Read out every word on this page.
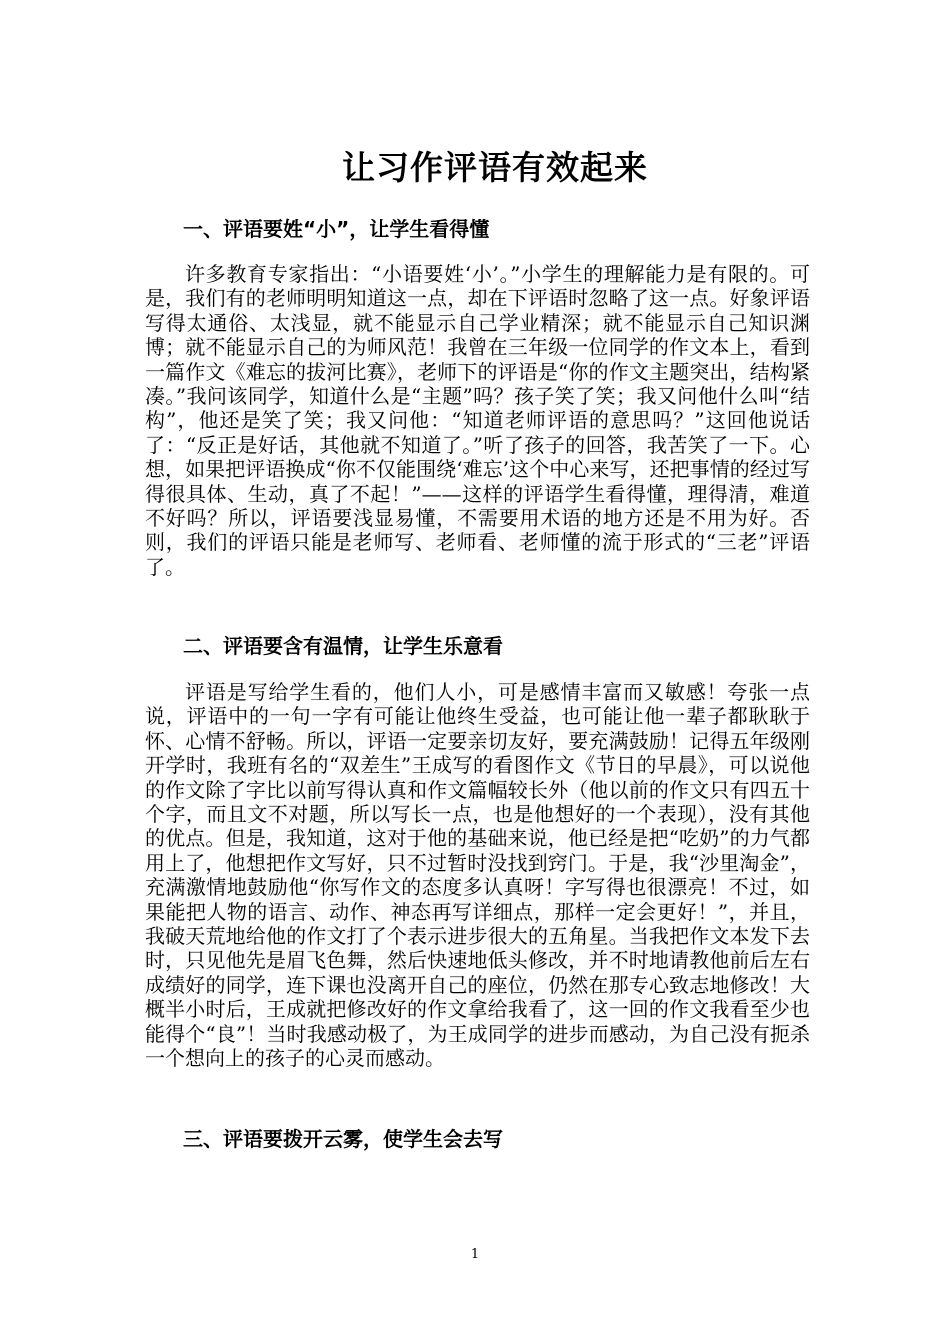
让习作评语有效起来
一、评语要姓“小”，让学生看得懂

许多教育专家指出：“小语要姓‘小’。”小学生的理解能力是有限的。可是，我们有的老师明明知道这一点，却在下评语时忽略了这一点。好象评语写得太通俗、太浅显，就不能显示自己学业精深；就不能显示自己知识渊博；就不能显示自己的为师风范！我曾在三年级一位同学的作文本上，看到一篇作文《难忘的拔河比赛》，老师下的评语是“你的作文主题突出，结构紧凑。”我问该同学，知道什么是“主题”吗？孩子笑了笑；我又问他什么叫“结构”，他还是笑了笑；我又问他：“知道老师评语的意思吗？”这回他说话了：“反正是好话，其他就不知道了。”听了孩子的回答，我苦笑了一下。心想，如果把评语换成“你不仅能围绕‘难忘’这个中心来写，还把事情的经过写得很具体、生动，真了不起！”——这样的评语学生看得懂，理得清，难道不好吗？所以，评语要浅显易懂，不需要用术语的地方还是不用为好。否则，我们的评语只能是老师写、老师看、老师懂的流于形式的“三老”评语了。

二、评语要含有温情，让学生乐意看

评语是写给学生看的，他们人小，可是感情丰富而又敏感！夸张一点说，评语中的一句一字有可能让他终生受益，也可能让他一辈子都耿耿于怀、心情不舒畅。所以，评语一定要亲切友好，要充满鼓励！记得五年级刚开学时，我班有名的“双差生”王成写的看图作文《节日的早晨》，可以说他的作文除了字比以前写得认真和作文篇幅较长外（他以前的作文只有四五十个字，而且文不对题，所以写长一点，也是他想好的一个表现），没有其他的优点。但是，我知道，这对于他的基础来说，他已经是把“吃奶”的力气都用上了，他想把作文写好，只不过暂时没找到窍门。于是，我“沙里淘金”，充满激情地鼓励他“你写作文的态度多认真呀！字写得也很漂亮！不过，如果能把人物的语言、动作、神态再写详细点，那样一定会更好！”，并且，我破天荒地给他的作文打了个表示进步很大的五角星。当我把作文本发下去时，只见他先是眉飞色舞，然后快速地低头修改，并不时地请教他前后左右成绩好的同学，连下课也没离开自己的座位，仍然在那专心致志地修改！大概半小时后，王成就把修改好的作文拿给我看了，这一回的作文我看至少也能得个“良”！当时我感动极了，为王成同学的进步而感动，为自己没有扼杀一个想向上的孩子的心灵而感动。

三、评语要拨开云雾，使学生会去写
1
